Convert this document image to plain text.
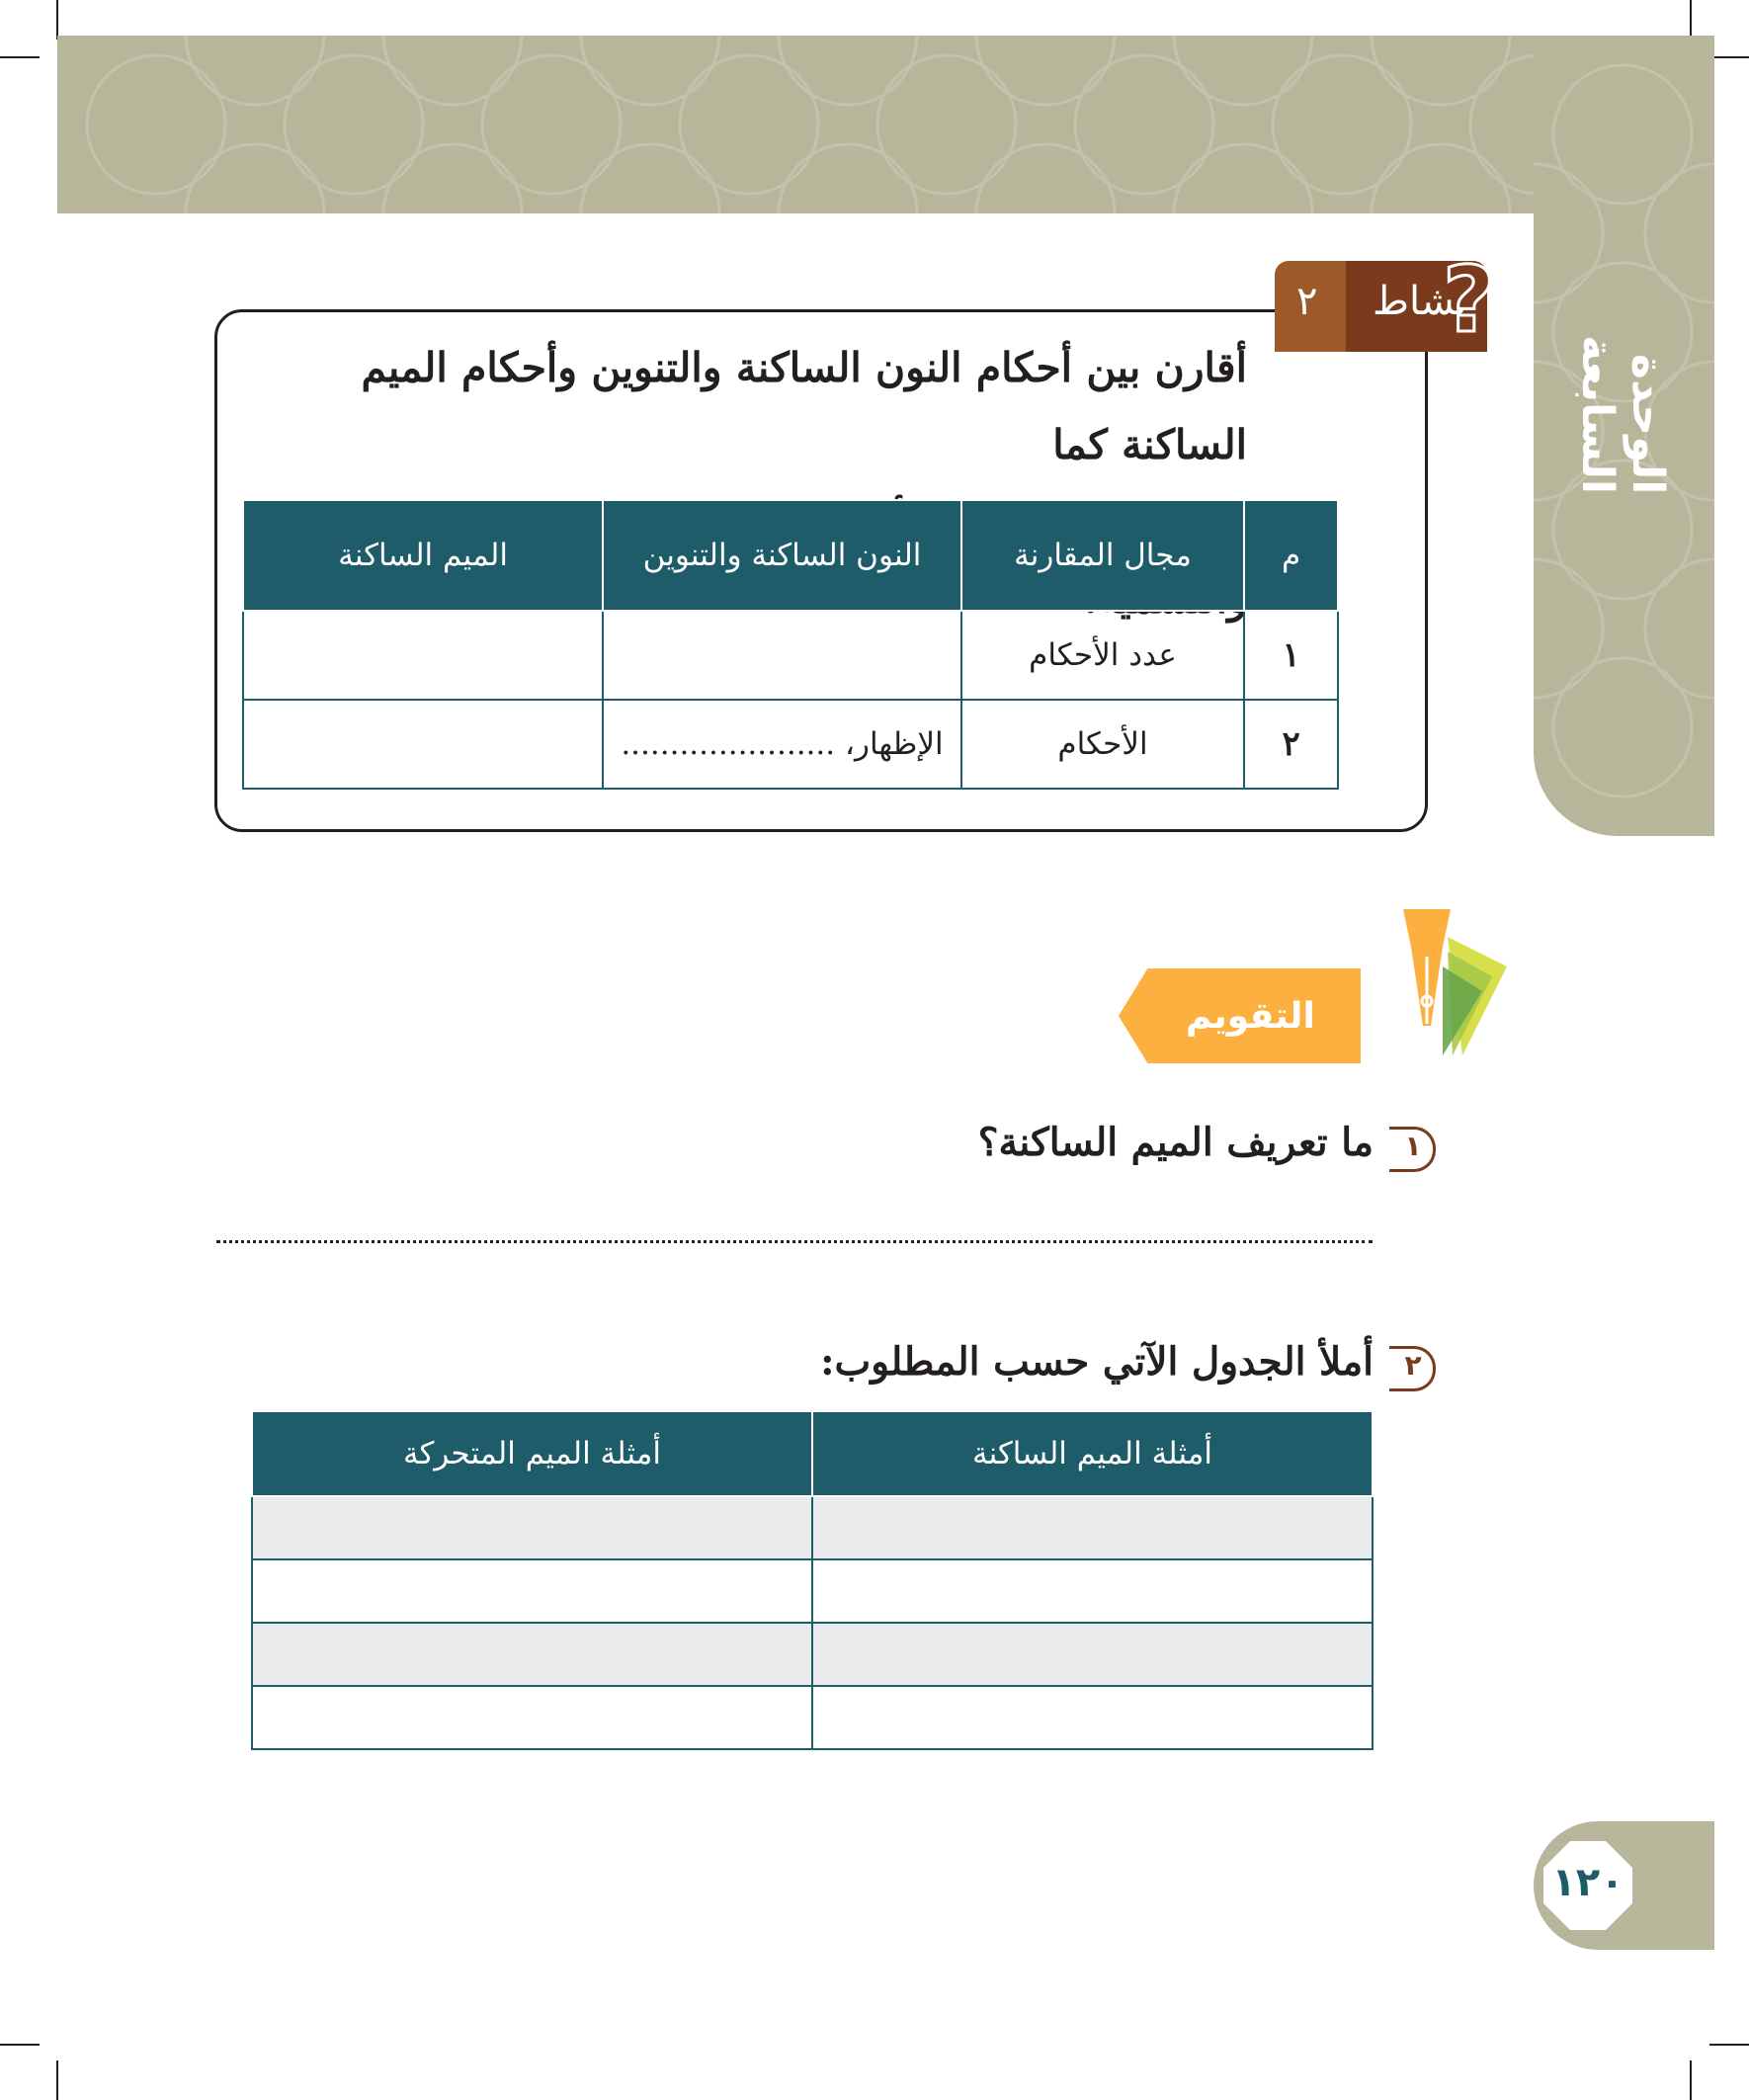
الوحدة السابعة
نشاط
٢ ?
أقارن بين أحكام النون الساكنة والتنوين وأحكام الميم الساكنة كما
م	مجال المقارنة	النون الساكنة والتنوين	الميم الساكنة
١	عدد الأحكام		
٢	الأحكام	الإظهار، ......................	
التقويم
١
ما تعريف الميم الساكنة؟
٢
أملأ الجدول الآتي حسب المطلوب:
أمثلة الميم الساكنة	أمثلة الميم المتحركة

١٢٠
